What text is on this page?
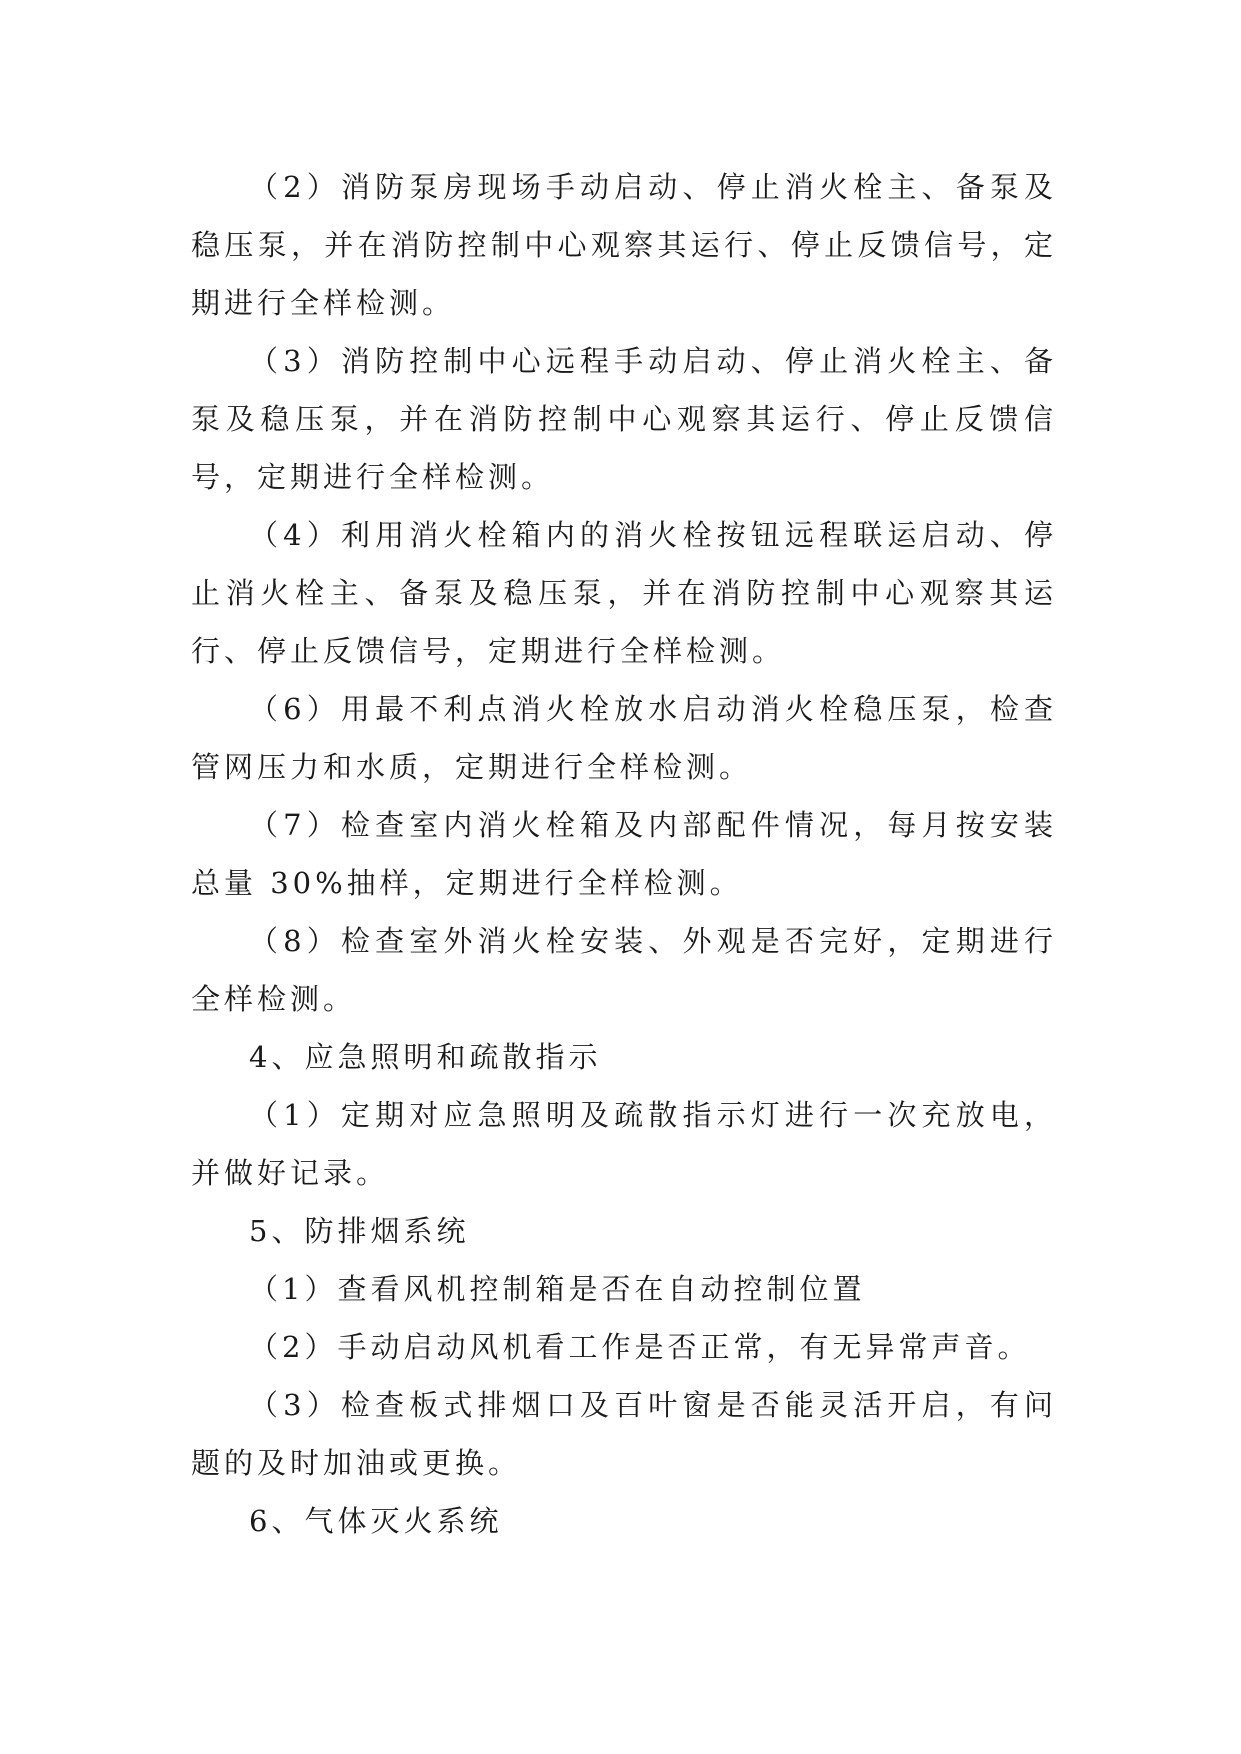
（2）消防泵房现场手动启动、停止消火栓主、备泵及稳压泵，并在消防控制中心观察其运行、停止反馈信号，定期进行全样检测。

（3）消防控制中心远程手动启动、停止消火栓主、备泵及稳压泵，并在消防控制中心观察其运行、停止反馈信号，定期进行全样检测。

（4）利用消火栓箱内的消火栓按钮远程联运启动、停止消火栓主、备泵及稳压泵，并在消防控制中心观察其运行、停止反馈信号，定期进行全样检测。

（6）用最不利点消火栓放水启动消火栓稳压泵，检查管网压力和水质，定期进行全样检测。

（7）检查室内消火栓箱及内部配件情况，每月按安装总量 30%抽样，定期进行全样检测。

（8）检查室外消火栓安装、外观是否完好，定期进行全样检测。

4、应急照明和疏散指示

（1）定期对应急照明及疏散指示灯进行一次充放电，并做好记录。

5、防排烟系统

（1）查看风机控制箱是否在自动控制位置

（2）手动启动风机看工作是否正常，有无异常声音。

（3）检查板式排烟口及百叶窗是否能灵活开启，有问题的及时加油或更换。

6、气体灭火系统
